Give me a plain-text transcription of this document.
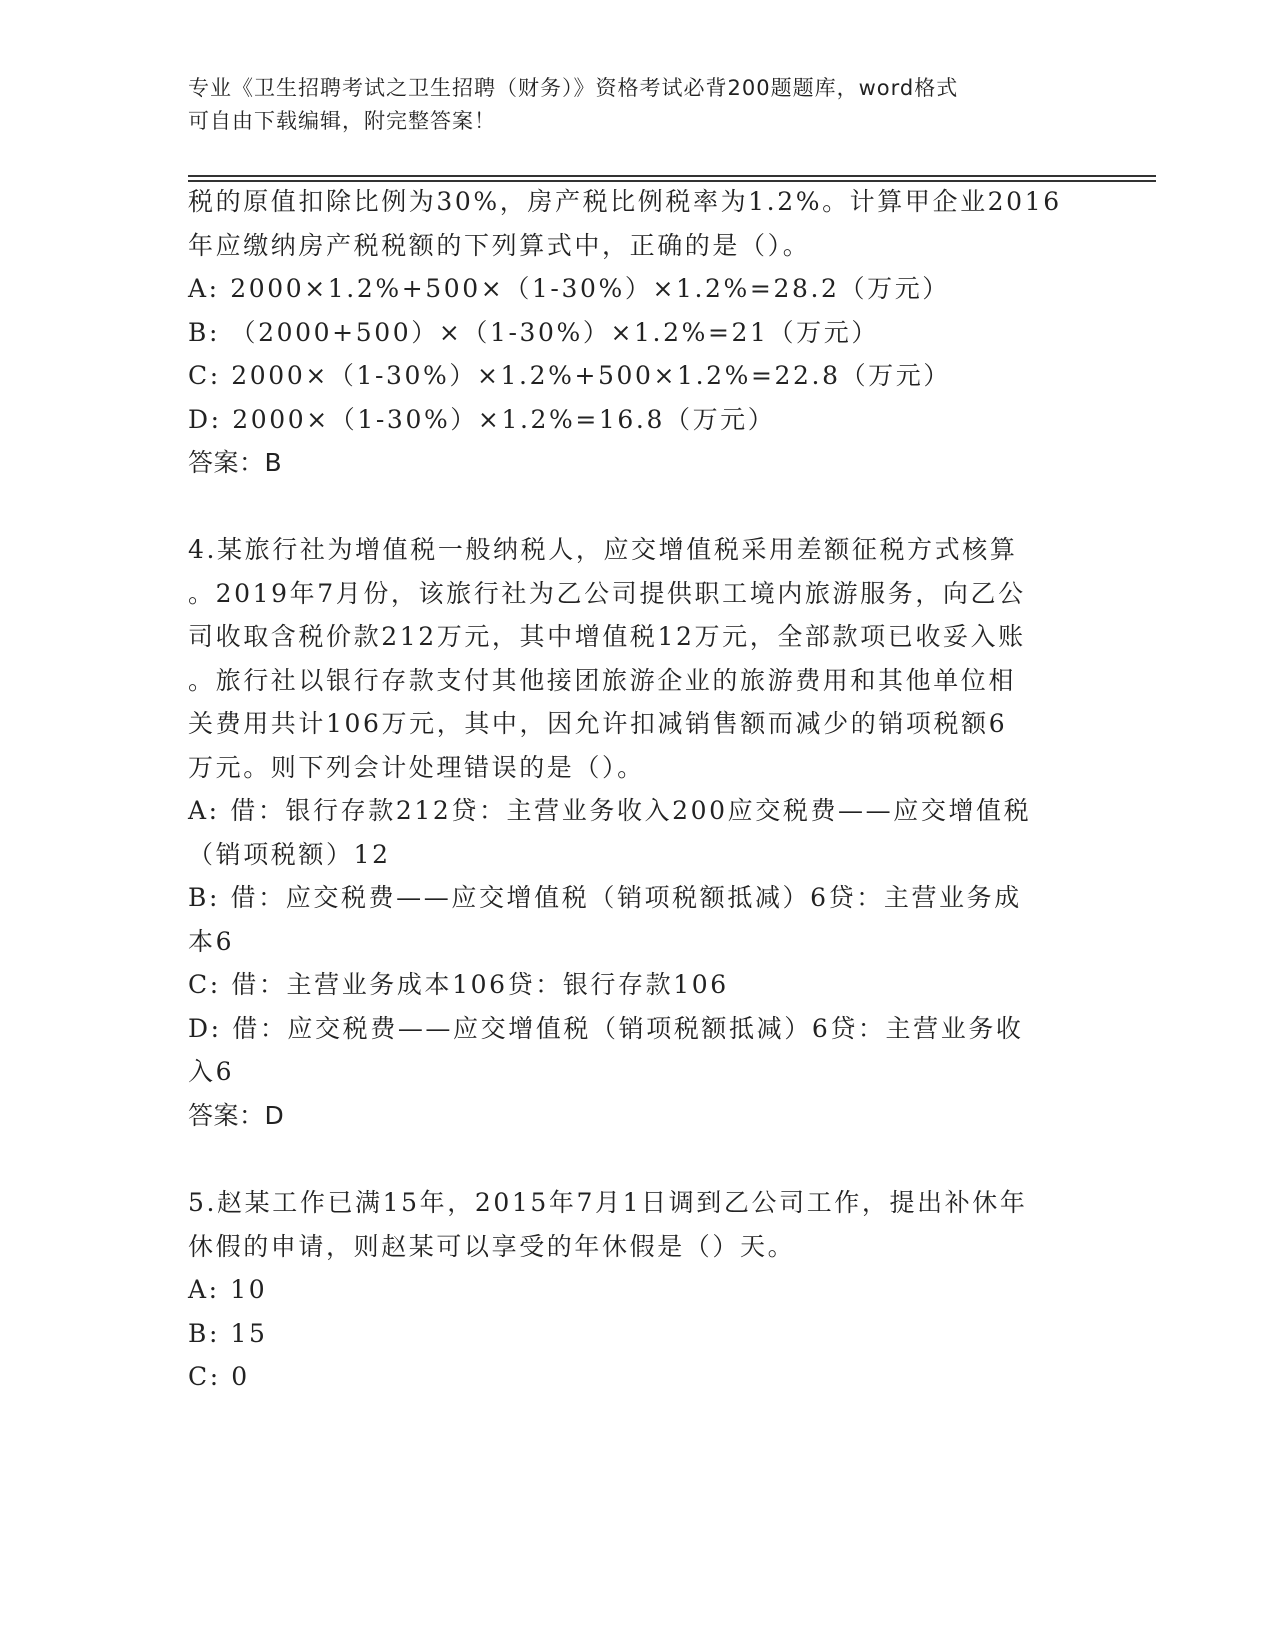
专业《卫生招聘考试之卫生招聘（财务）》资格考试必背200题题库，word格式
可自由下载编辑，附完整答案！
税的原值扣除比例为30%，房产税比例税率为1.2%。计算甲企业2016
年应缴纳房产税税额的下列算式中，正确的是（）。
A: 2000×1.2%+500×（1-30%）×1.2%=28.2（万元）
B: （2000+500）×（1-30%）×1.2%=21（万元）
C: 2000×（1-30%）×1.2%+500×1.2%=22.8（万元）
D: 2000×（1-30%）×1.2%=16.8（万元）
答案：B
4.某旅行社为增值税一般纳税人，应交增值税采用差额征税方式核算
。2019年7月份，该旅行社为乙公司提供职工境内旅游服务，向乙公
司收取含税价款212万元，其中增值税12万元，全部款项已收妥入账
。旅行社以银行存款支付其他接团旅游企业的旅游费用和其他单位相
关费用共计106万元，其中，因允许扣减销售额而减少的销项税额6
万元。则下列会计处理错误的是（）。
A: 借：银行存款212贷：主营业务收入200应交税费——应交增值税
（销项税额）12
B: 借：应交税费——应交增值税（销项税额抵减）6贷：主营业务成
本6
C: 借：主营业务成本106贷：银行存款106
D: 借：应交税费——应交增值税（销项税额抵减）6贷：主营业务收
入6
答案：D
5.赵某工作已满15年，2015年7月1日调到乙公司工作，提出补休年
休假的申请，则赵某可以享受的年休假是（）天。
A: 10
B: 15
C: 0
